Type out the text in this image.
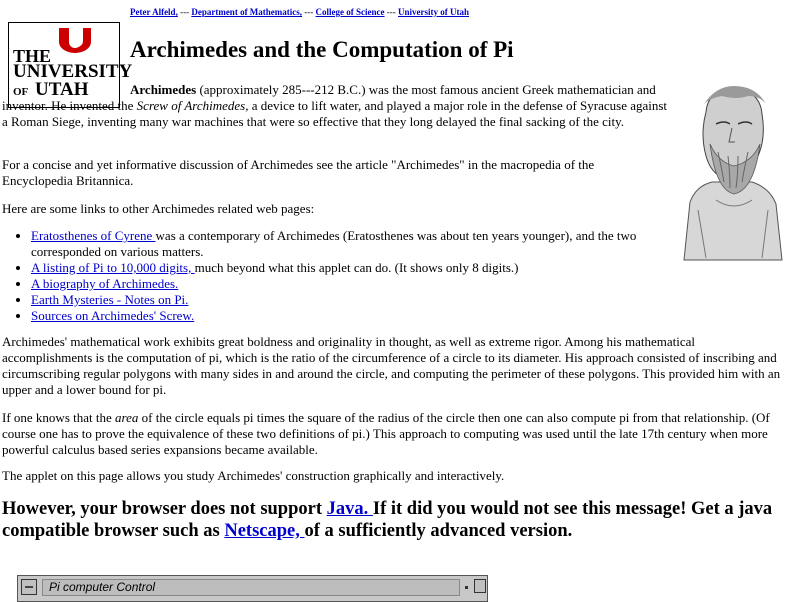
Peter Alfeld, --- Department of Mathematics, --- College of Science --- University of Utah
THE
UNIVERSITY
OF UTAH
Archimedes and the Computation of Pi

Archimedes (approximately 285---212 B.C.) was the most famous ancient Greek mathematician and inventor. He invented the Screw of Archimedes, a device to lift water, and played a major role in the defense of Syracuse against a Roman Siege, inventing many war machines that were so effective that they long delayed the final sacking of the city.

For a concise and yet informative discussion of Archimedes see the article "Archimedes" in the macropedia of the Encyclopedia Britannica.

Here are some links to other Archimedes related web pages:

• Eratosthenes of Cyrene was a contemporary of Archimedes (Eratosthenes was about ten years younger), and the two corresponded on various matters.
• A listing of Pi to 10,000 digits, much beyond what this applet can do. (It shows only 8 digits.)
• A biography of Archimedes.
• Earth Mysteries - Notes on Pi.
• Sources on Archimedes' Screw.

Archimedes' mathematical work exhibits great boldness and originality in thought, as well as extreme rigor. Among his mathematical accomplishments is the computation of pi, which is the ratio of the circumference of a circle to its diameter. His approach consisted of inscribing and circumscribing regular polygons with many sides in and around the circle, and computing the perimeter of these polygons. This provided him with an upper and a lower bound for pi.

If one knows that the area of the circle equals pi times the square of the radius of the circle then one can also compute pi from that relationship. (Of course one has to prove the equivalence of these two definitions of pi.) This approach to computing was used until the late 17th century when more powerful calculus based series expansions became available.

The applet on this page allows you study Archimedes' construction graphically and interactively.

However, your browser does not support Java. If it did you would not see this message! Get a java compatible browser such as Netscape, of a sufficiently advanced version.

Pi computer Control
